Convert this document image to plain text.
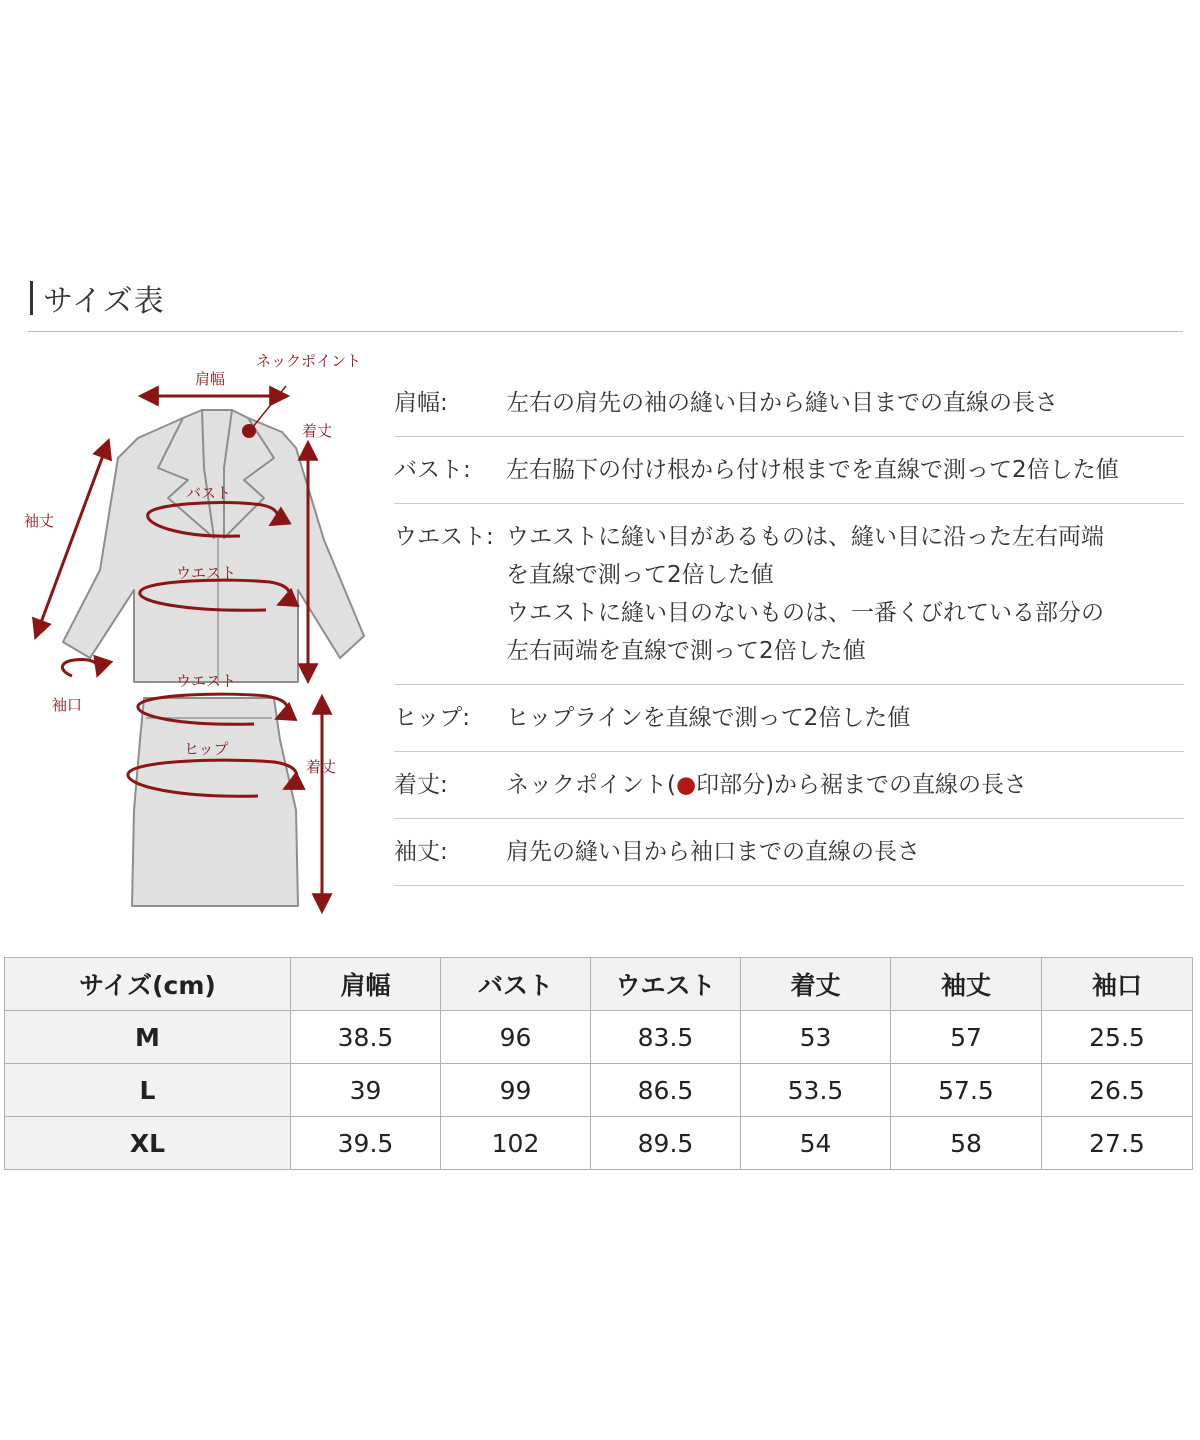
サイズ表
肩幅
ネックポイント
着丈
袖丈
バスト
ウエスト
袖口
ウエスト
ヒップ
着丈
肩幅:	左右の肩先の袖の縫い目から縫い目までの直線の長さ
バスト:	左右脇下の付け根から付け根までを直線で測って2倍した値
ウエスト: ウエストに縫い目があるものは、縫い目に沿った左右両端
を直線で測って2倍した値
ウエストに縫い目のないものは、一番くびれている部分の
左右両端を直線で測って2倍した値
ヒップ:	ヒップラインを直線で測って2倍した値
着丈:	ネックポイント(●印部分)から裾までの直線の長さ
袖丈:	肩先の縫い目から袖口までの直線の長さ
サイズ(cm)	肩幅	バスト	ウエスト	着丈	袖丈	袖口
M	38.5	96	83.5	53	57	25.5
L	39	99	86.5	53.5	57.5	26.5
XL	39.5	102	89.5	54	58	27.5
